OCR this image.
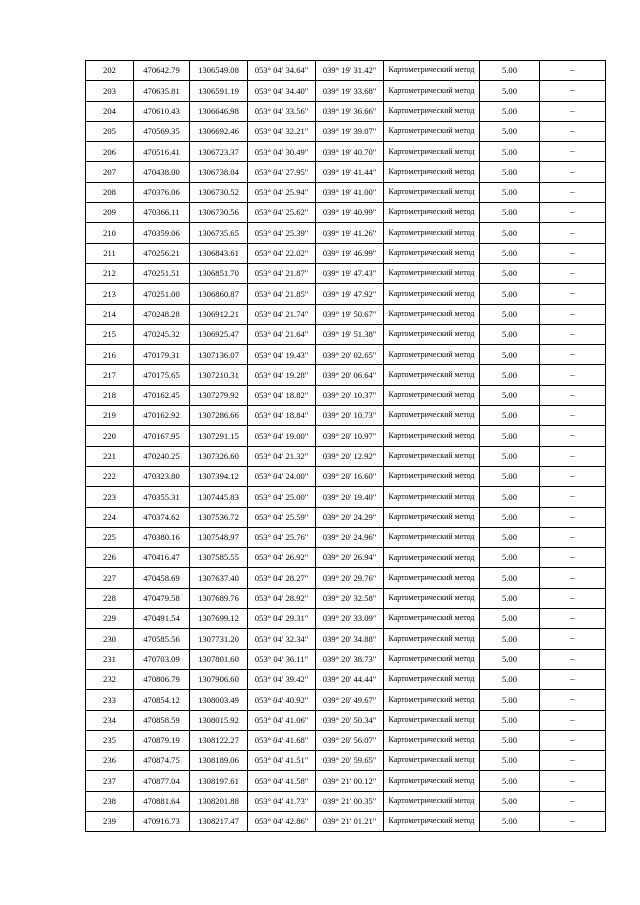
202	470642.79	1306549.08	053° 04' 34.64"	039° 19' 31.42"	Картометрический метод	5.00	–
203	470635.81	1306591.19	053° 04' 34.40"	039° 19' 33.68"	Картометрический метод	5.00	–
204	470610.43	1306646.98	053° 04' 33.56"	039° 19' 36.66"	Картометрический метод	5.00	–
205	470569.35	1306692.46	053° 04' 32.21"	039° 19' 39.07"	Картометрический метод	5.00	–
206	470516.41	1306723.37	053° 04' 30.49"	039° 19' 40.70"	Картометрический метод	5.00	–
207	470438.00	1306738.04	053° 04' 27.95"	039° 19' 41.44"	Картометрический метод	5.00	–
208	470376.06	1306730.52	053° 04' 25.94"	039° 19' 41.00"	Картометрический метод	5.00	–
209	470366.11	1306730.56	053° 04' 25.62"	039° 19' 40.99"	Картометрический метод	5.00	–
210	470359.06	1306735.65	053° 04' 25.39"	039° 19' 41.26"	Картометрический метод	5.00	–
211	470256.21	1306843.61	053° 04' 22.02"	039° 19' 46.99"	Картометрический метод	5.00	–
212	470251.51	1306851.70	053° 04' 21.87"	039° 19' 47.43"	Картометрический метод	5.00	–
213	470251.00	1306860.87	053° 04' 21.85"	039° 19' 47.92"	Картометрический метод	5.00	–
214	470248.28	1306912.21	053° 04' 21.74"	039° 19' 50.67"	Картометрический метод	5.00	–
215	470245.32	1306925.47	053° 04' 21.64"	039° 19' 51.38"	Картометрический метод	5.00	–
216	470179.31	1307136.07	053° 04' 19.43"	039° 20' 02.65"	Картометрический метод	5.00	–
217	470175.65	1307210.31	053° 04' 19.28"	039° 20' 06.64"	Картометрический метод	5.00	–
218	470162.45	1307279.92	053° 04' 18.82"	039° 20' 10.37"	Картометрический метод	5.00	–
219	470162.92	1307286.66	053° 04' 18.84"	039° 20' 10.73"	Картометрический метод	5.00	–
220	470167.95	1307291.15	053° 04' 19.00"	039° 20' 10.97"	Картометрический метод	5.00	–
221	470240.25	1307326.60	053° 04' 21.32"	039° 20' 12.92"	Картометрический метод	5.00	–
222	470323.80	1307394.12	053° 04' 24.00"	039° 20' 16.60"	Картометрический метод	5.00	–
223	470355.31	1307445.83	053° 04' 25.00"	039° 20' 19.40"	Картометрический метод	5.00	–
224	470374.62	1307536.72	053° 04' 25.59"	039° 20' 24.29"	Картометрический метод	5.00	–
225	470380.16	1307548.97	053° 04' 25.76"	039° 20' 24.96"	Картометрический метод	5.00	–
226	470416.47	1307585.55	053° 04' 26.92"	039° 20' 26.94"	Картометрический метод	5.00	–
227	470458.69	1307637.40	053° 04' 28.27"	039° 20' 29.76"	Картометрический метод	5.00	–
228	470479.58	1307689.76	053° 04' 28.92"	039° 20' 32.58"	Картометрический метод	5.00	–
229	470491.54	1307699.12	053° 04' 29.31"	039° 20' 33.09"	Картометрический метод	5.00	–
230	470585.56	1307731.20	053° 04' 32.34"	039° 20' 34.88"	Картометрический метод	5.00	–
231	470703.09	1307801.60	053° 04' 36.11"	039° 20' 38.73"	Картометрический метод	5.00	–
232	470806.79	1307906.60	053° 04' 39.42"	039° 20' 44.44"	Картометрический метод	5.00	–
233	470854.12	1308003.49	053° 04' 40.92"	039° 20' 49.67"	Картометрический метод	5.00	–
234	470858.59	1308015.92	053° 04' 41.06"	039° 20' 50.34"	Картометрический метод	5.00	–
235	470879.19	1308122.27	053° 04' 41.68"	039° 20' 56.07"	Картометрический метод	5.00	–
236	470874.75	1308189.06	053° 04' 41.51"	039° 20' 59.65"	Картометрический метод	5.00	–
237	470877.04	1308197.61	053° 04' 41.58"	039° 21' 00.12"	Картометрический метод	5.00	–
238	470881.64	1308201.88	053° 04' 41.73"	039° 21' 00.35"	Картометрический метод	5.00	–
239	470916.73	1308217.47	053° 04' 42.86"	039° 21' 01.21"	Картометрический метод	5.00	–
